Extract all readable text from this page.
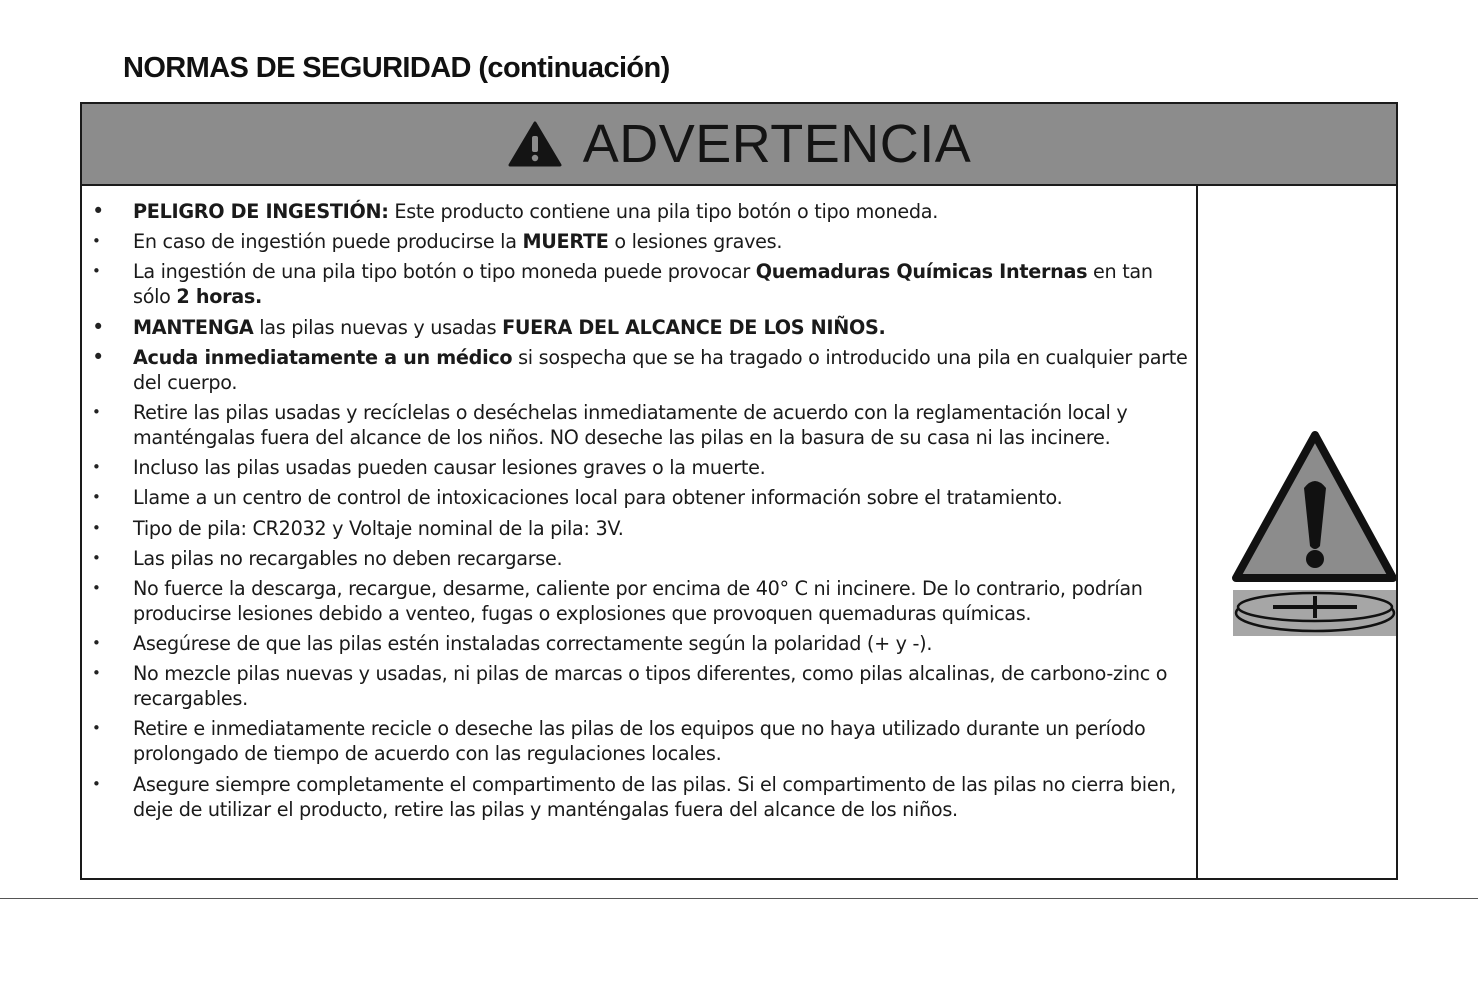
NORMAS DE SEGURIDAD (continuación)
ADVERTENCIA
• PELIGRO DE INGESTIÓN: Este producto contiene una pila tipo botón o tipo moneda.
• En caso de ingestión puede producirse la MUERTE o lesiones graves.
• La ingestión de una pila tipo botón o tipo moneda puede provocar Quemaduras Químicas Internas en tan sólo 2 horas.
• MANTENGA las pilas nuevas y usadas FUERA DEL ALCANCE DE LOS NIÑOS.
• Acuda inmediatamente a un médico si sospecha que se ha tragado o introducido una pila en cualquier parte del cuerpo.
• Retire las pilas usadas y recíclelas o deséchelas inmediatamente de acuerdo con la reglamentación local y manténgalas fuera del alcance de los niños. NO deseche las pilas en la basura de su casa ni las incinere.
• Incluso las pilas usadas pueden causar lesiones graves o la muerte.
• Llame a un centro de control de intoxicaciones local para obtener información sobre el tratamiento.
• Tipo de pila: CR2032 y Voltaje nominal de la pila: 3V.
• Las pilas no recargables no deben recargarse.
• No fuerce la descarga, recargue, desarme, caliente por encima de 40° C ni incinere. De lo contrario, podrían producirse lesiones debido a venteo, fugas o explosiones que provoquen quemaduras químicas.
• Asegúrese de que las pilas estén instaladas correctamente según la polaridad (+ y -).
• No mezcle pilas nuevas y usadas, ni pilas de marcas o tipos diferentes, como pilas alcalinas, de carbono-zinc o recargables.
• Retire e inmediatamente recicle o deseche las pilas de los equipos que no haya utilizado durante un período prolongado de tiempo de acuerdo con las regulaciones locales.
• Asegure siempre completamente el compartimento de las pilas. Si el compartimento de las pilas no cierra bien, deje de utilizar el producto, retire las pilas y manténgalas fuera del alcance de los niños.
